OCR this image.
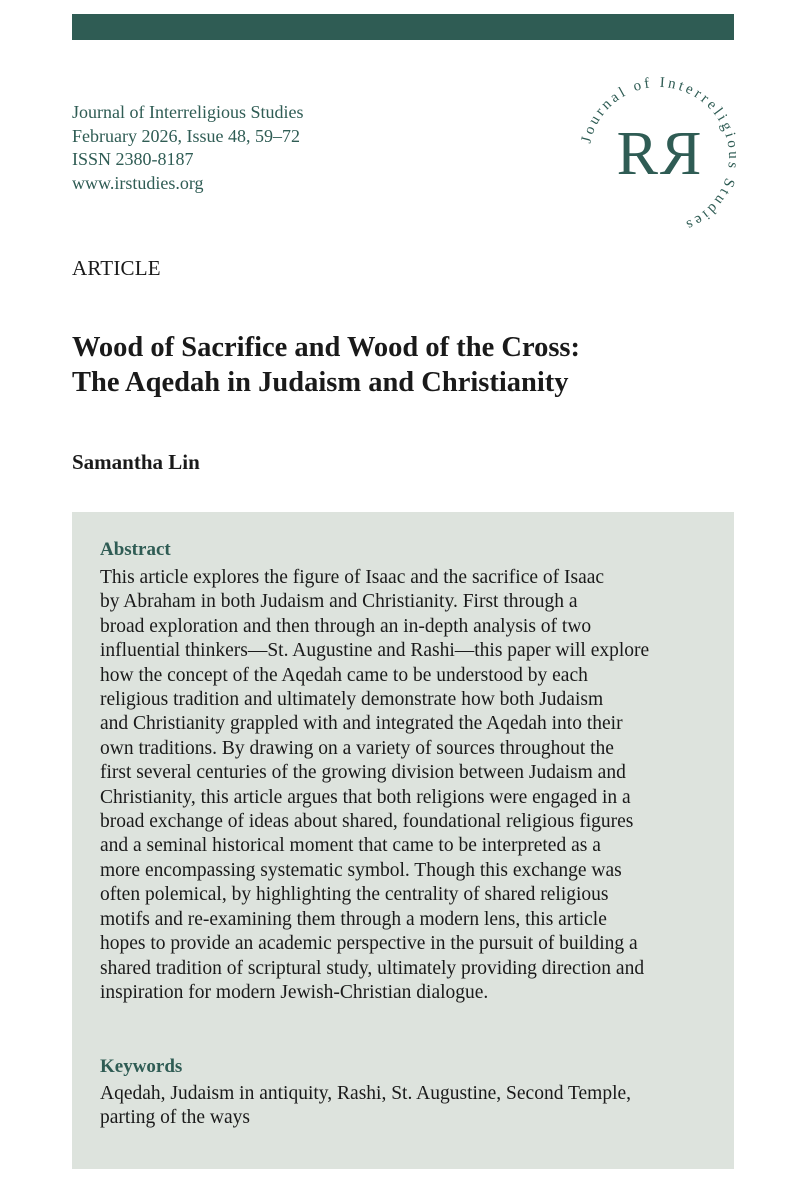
Journal of Interreligious Studies
February 2026, Issue 48, 59–72
ISSN 2380-8187
www.irstudies.org
Journal of Interreligious Studies
R R
ARTICLE
Wood of Sacrifice and Wood of the Cross:
The Aqedah in Judaism and Christianity
Samantha Lin
Abstract
This article explores the figure of Isaac and the sacrifice of Isaac
by Abraham in both Judaism and Christianity. First through a
broad exploration and then through an in-depth analysis of two
influential thinkers—St. Augustine and Rashi—this paper will explore
how the concept of the Aqedah came to be understood by each
religious tradition and ultimately demonstrate how both Judaism
and Christianity grappled with and integrated the Aqedah into their
own traditions. By drawing on a variety of sources throughout the
first several centuries of the growing division between Judaism and
Christianity, this article argues that both religions were engaged in a
broad exchange of ideas about shared, foundational religious figures
and a seminal historical moment that came to be interpreted as a
more encompassing systematic symbol. Though this exchange was
often polemical, by highlighting the centrality of shared religious
motifs and re-examining them through a modern lens, this article
hopes to provide an academic perspective in the pursuit of building a
shared tradition of scriptural study, ultimately providing direction and
inspiration for modern Jewish-Christian dialogue.
Keywords
Aqedah, Judaism in antiquity, Rashi, St. Augustine, Second Temple,
parting of the ways
